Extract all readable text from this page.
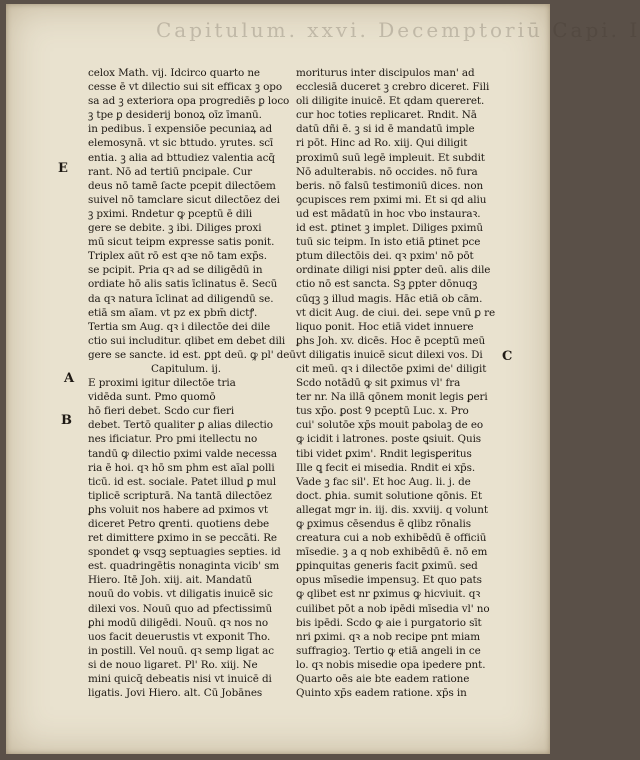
Capitulum. xxvi. Decemptoriū Capi. I
E
A
B
C
celox Math. vij. Idcirco quarto ne
cesse ē vt dilectio sui sit efficax ꝫ opo
sa ad ꝫ exteriora opa progrediēs ꝑ loco
ꝫ tpe ꝑ desiderij bonoꝝ oīz īmanū.
in pedibus. ī expensiōe pecuniaꝝ ad
elemosynā. vt sic bttudo. yrutes. scī
entia. ꝫ alia ad bttudiez valentia acq̄
rant. Nō ad tertiū pncipale. Cur
deus nō tamē ſacte pcepit dilectōem
suivel nō tamclare sicut dilectōez dei
ꝫ pximi. Rndetur ꝙ pceptū ē dili
gere se debite. ꝫ ibi. Diliges proxi
mū sicut teipm expresse satis ponit.
Triplex aūt rō est qꝛe nō tam exp̄s.
se pcipit. Pria qꝛ ad se diligēdū in
ordiate hō alis satis īclinatus ē. Secū
da qꝛ natura īclinat ad diligendū se.
etiā sm aīam. vt pz ex pbm̄ dictꝭ.
Tertia sm Aug. qꝛ i dilectōe dei dile
ctio sui includitur. qlibet em debet dili
gere se sancte. id est. ꝑpt deū. ꝙ pl' deū
Capitulum. ij.
E proximi igitur dilectōe tria
vidēda sunt. Pmo quomō
hō fieri debet. Scdo cur fieri
debet. Tertō qualiter ꝑ alias dilectio
nes ificiatur. Pro pmi itellectu no
tandū ꝙ dilectio pximi valde necessa
ria ē hoi. qꝛ hō sm phm est aīal polli
ticū. id est. sociale. Patet illud ꝑ mul
tiplicē scripturā. Na tantā dilectōez
ꝑhs voluit nos habere ad pximos vt
diceret Petro ꝗrenti. quotiens debe
ret dimittere ꝑximo in se peccāti. Re
spondet ꝙ vsqꝫ septuagies septies. id
est. quadringētis nonaginta vicib' sm
Hiero. Itē Joh. xiij. ait. Mandatū
nouū do vobis. vt diligatis inuicē sic
dilexi vos. Nouū quo ad pfectissimū
ꝑhi modū diligēdi. Nouū. qꝛ nos no
uos facit deuerustis vt exponit Tho.
in postill. Vel nouū. qꝛ semp ligat ac
si de nouo ligaret. Pl' Ro. xiij. Ne
mini quicq̄ debeatis nisi vt inuicē di
ligatis. Jovi Hiero. alt. Cū Jobānes
moriturus inter discipulos man' ad
ecclesiā duceret ꝫ crebro diceret. Fili
oli diligite inuicē. Et qdam quereret.
cur hoc toties replicaret. Rndit. Nā
datū dñi ē. ꝫ si id ē mandatū imple
ri pōt. Hinc ad Ro. xiij. Qui diligit
proximū suū legē impleuit. Et subdit
Nō adulterabis. nō occides. nō fura
beris. nō falsū testimoniū dices. non
ꝯcupisces rem pximi mi. Et si qd aliu
ud est mādatū in hoc vbo instauraꝛ.
id est. ꝑtinet ꝫ implet. Diliges pximū
tuū sic teipm. In isto etiā ꝑtinet pce
ptum dilectōis dei. qꝛ pxim' nō pōt
ordinate diligi nisi ꝑpter deū. alis dile
ctio nō est sancta. Sꝫ ꝑpter dōnuqꝫ
cūqꝫ ꝫ illud magis. Hāc etiā ob cām.
vt dicit Aug. de ciui. dei. sepe vnū ꝑ re
liquo ponit. Hoc etiā videt innuere
ꝑhs Joh. xv. dicēs. Hoc ē pceptū meū
vt diligatis inuicē sicut dilexi vos. Di
cit meū. qꝛ i dilectōe ꝑximi de' diligit
Scdo notādū ꝙ sit ꝑximus vl' fra
ter nr. Na illā qōnem monit legis ꝑeri
tus xp̄o. ꝑost Ꝯ pceptū Luc. x. Pro
cui' solutōe xp̄s mouit pabolaꝫ de eo
ꝙ icidit i latrones. poste ꝗsiuit. Quis
tibi videt ꝑxim'. Rndit legisꝑeritus
Ille ꝗ fecit ei misedia. Rndit ei xp̄s.
Vade ꝫ fac sil'. Et hoc Aug. li. j. de
doct. ꝑhia. sumit solutione qōnis. Et
allegat mgr in. iij. dis. xxviij. q volunt
ꝙ ꝑximus cēsendus ē qlibz rōnalis
creatura cui a nob exhibēdū ē officiū
mīsedie. ꝫ a q nob exhibēdū ē. nō em
ꝑpinquitas generis facit ꝑximū. sed
opus mīsedie impensuꝫ. Et quo pats
ꝙ qlibet est nr ꝑximus ꝙ hicviuit. qꝛ
cuilibet pōt a nob ipēdi mīsedia vl' no
bis ipēdi. Scdo ꝙ aie i purgatorio sīt
nri ꝑximi. qꝛ a nob recipe pnt miam
suffragioꝫ. Tertio ꝙ etiā angeli in ce
lo. qꝛ nobis misedie opa ipedere pnt.
Quarto oēs aie bte eadem ratione
Quinto xp̄s eadem ratione. xp̄s in
